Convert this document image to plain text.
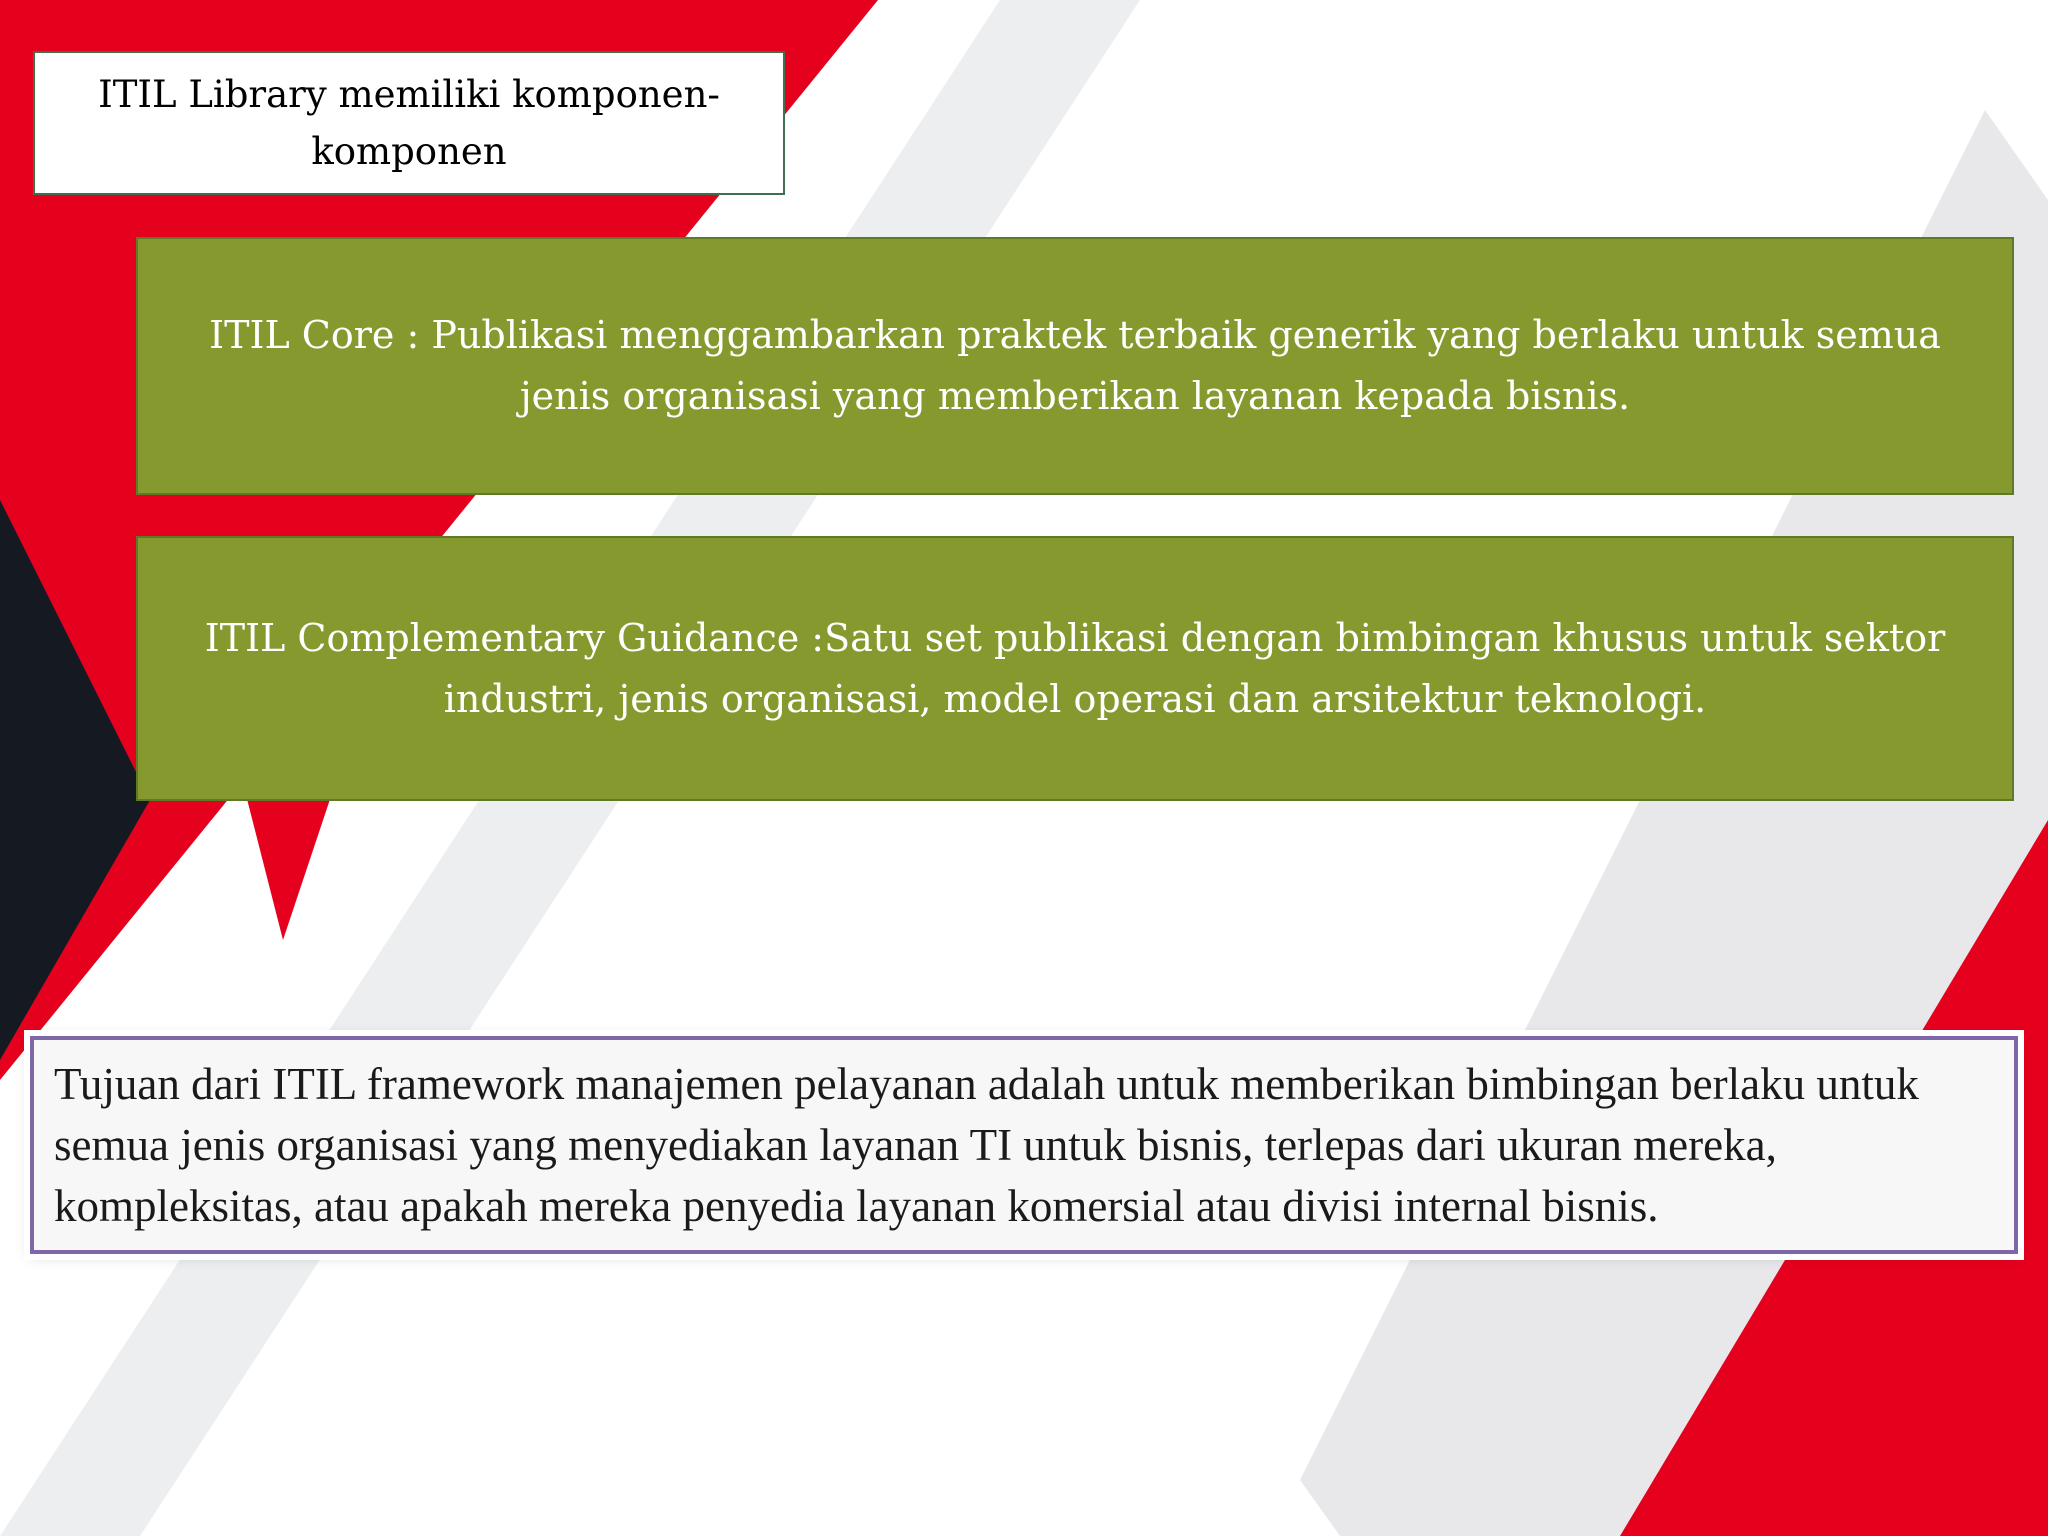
ITIL Library memiliki komponen-komponen
ITIL Core : Publikasi menggambarkan praktek terbaik generik yang berlaku untuk semua jenis organisasi yang memberikan layanan kepada bisnis.
ITIL Complementary Guidance :Satu set publikasi dengan bimbingan khusus untuk sektor industri, jenis organisasi, model operasi dan arsitektur teknologi.
Tujuan dari ITIL framework manajemen pelayanan adalah untuk memberikan bimbingan berlaku untuk semua jenis organisasi yang menyediakan layanan TI untuk bisnis, terlepas dari ukuran mereka, kompleksitas, atau apakah mereka penyedia layanan komersial atau divisi internal bisnis.
